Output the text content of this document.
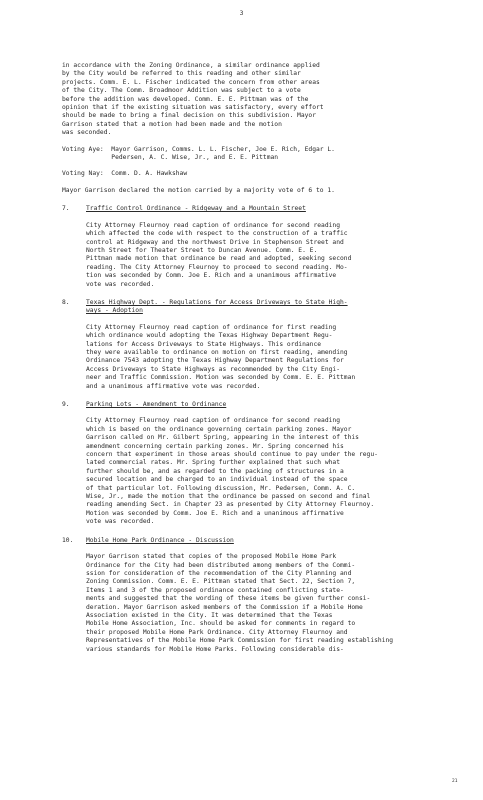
3

in accordance with the Zoning Ordinance, a similar ordinance applied
by the City would be referred to this reading and other similar
projects. Comm. E. L. Fischer indicated the concern from other areas
of the City. The Comm. Broadmoor Addition was subject to a vote
before the addition was developed. Comm. E. E. Pittman was of the
opinion that if the existing situation was satisfactory, every effort
should be made to bring a final decision on this subdivision. Mayor
Garrison stated that a motion had been made and the motion
was seconded.

Voting Aye:  Mayor Garrison, Comms. L. L. Fischer, Joe E. Rich, Edgar L.
Pedersen, A. C. Wise, Jr., and E. E. Pittman

Voting Nay:  Comm. D. A. Hawkshaw

Mayor Garrison declared the motion carried by a majority vote of 6 to 1.

7.	Traffic Control Ordinance - Ridgeway and a Mountain Street

City Attorney Fleurnoy read caption of ordinance for second reading
which affected the code with respect to the construction of a traffic
control at Ridgeway and the northwest Drive in Stephenson Street and
North Street for Theater Street to Duncan Avenue. Comm. E. E.
Pittman made motion that ordinance be read and adopted, seeking second
reading. The City Attorney Fleurnoy to proceed to second reading. Mo-
tion was seconded by Comm. Joe E. Rich and a unanimous affirmative
vote was recorded.

8.	Texas Highway Dept. - Regulations for Access Driveways to State High-
ways - Adoption

City Attorney Fleurnoy read caption of ordinance for first reading
which ordinance would adopting the Texas Highway Department Regu-
lations for Access Driveways to State Highways. This ordinance
they were available to ordinance on motion on first reading, amending
Ordinance 7543 adopting the Texas Highway Department Regulations for
Access Driveways to State Highways as recommended by the City Engi-
neer and Traffic Commission. Motion was seconded by Comm. E. E. Pittman
and a unanimous affirmative vote was recorded.

9.	Parking Lots - Amendment to Ordinance

City Attorney Fleurnoy read caption of ordinance for second reading
which is based on the ordinance governing certain parking zones. Mayor
Garrison called on Mr. Gilbert Spring, appearing in the interest of this
amendment concerning certain parking zones. Mr. Spring concerned his
concern that experiment in those areas should continue to pay under the regu-
lated commercial rates. Mr. Spring further explained that such what
further should be, and as regarded to the packing of structures in a
secured location and be charged to an individual instead of the space
of that particular lot. Following discussion, Mr. Pedersen, Comm. A. C.
Wise, Jr., made the motion that the ordinance be passed on second and final
reading amending Sect. in Chapter 23 as presented by City Attorney Fleurnoy.
Motion was seconded by Comm. Joe E. Rich and a unanimous affirmative
vote was recorded.

10.	Mobile Home Park Ordinance - Discussion

Mayor Garrison stated that copies of the proposed Mobile Home Park
Ordinance for the City had been distributed among members of the Commi-
ssion for consideration of the recommendation of the City Planning and
Zoning Commission. Comm. E. E. Pittman stated that Sect. 22, Section 7,
Items 1 and 3 of the proposed ordinance contained conflicting state-
ments and suggested that the wording of these items be given further consi-
deration. Mayor Garrison asked members of the Commission if a Mobile Home
Association existed in the City. It was determined that the Texas
Mobile Home Association, Inc. should be asked for comments in regard to
their proposed Mobile Home Park Ordinance. City Attorney Fleurnoy and
Representatives of the Mobile Home Park Commission for first reading establishing
various standards for Mobile Home Parks. Following considerable dis-

21
